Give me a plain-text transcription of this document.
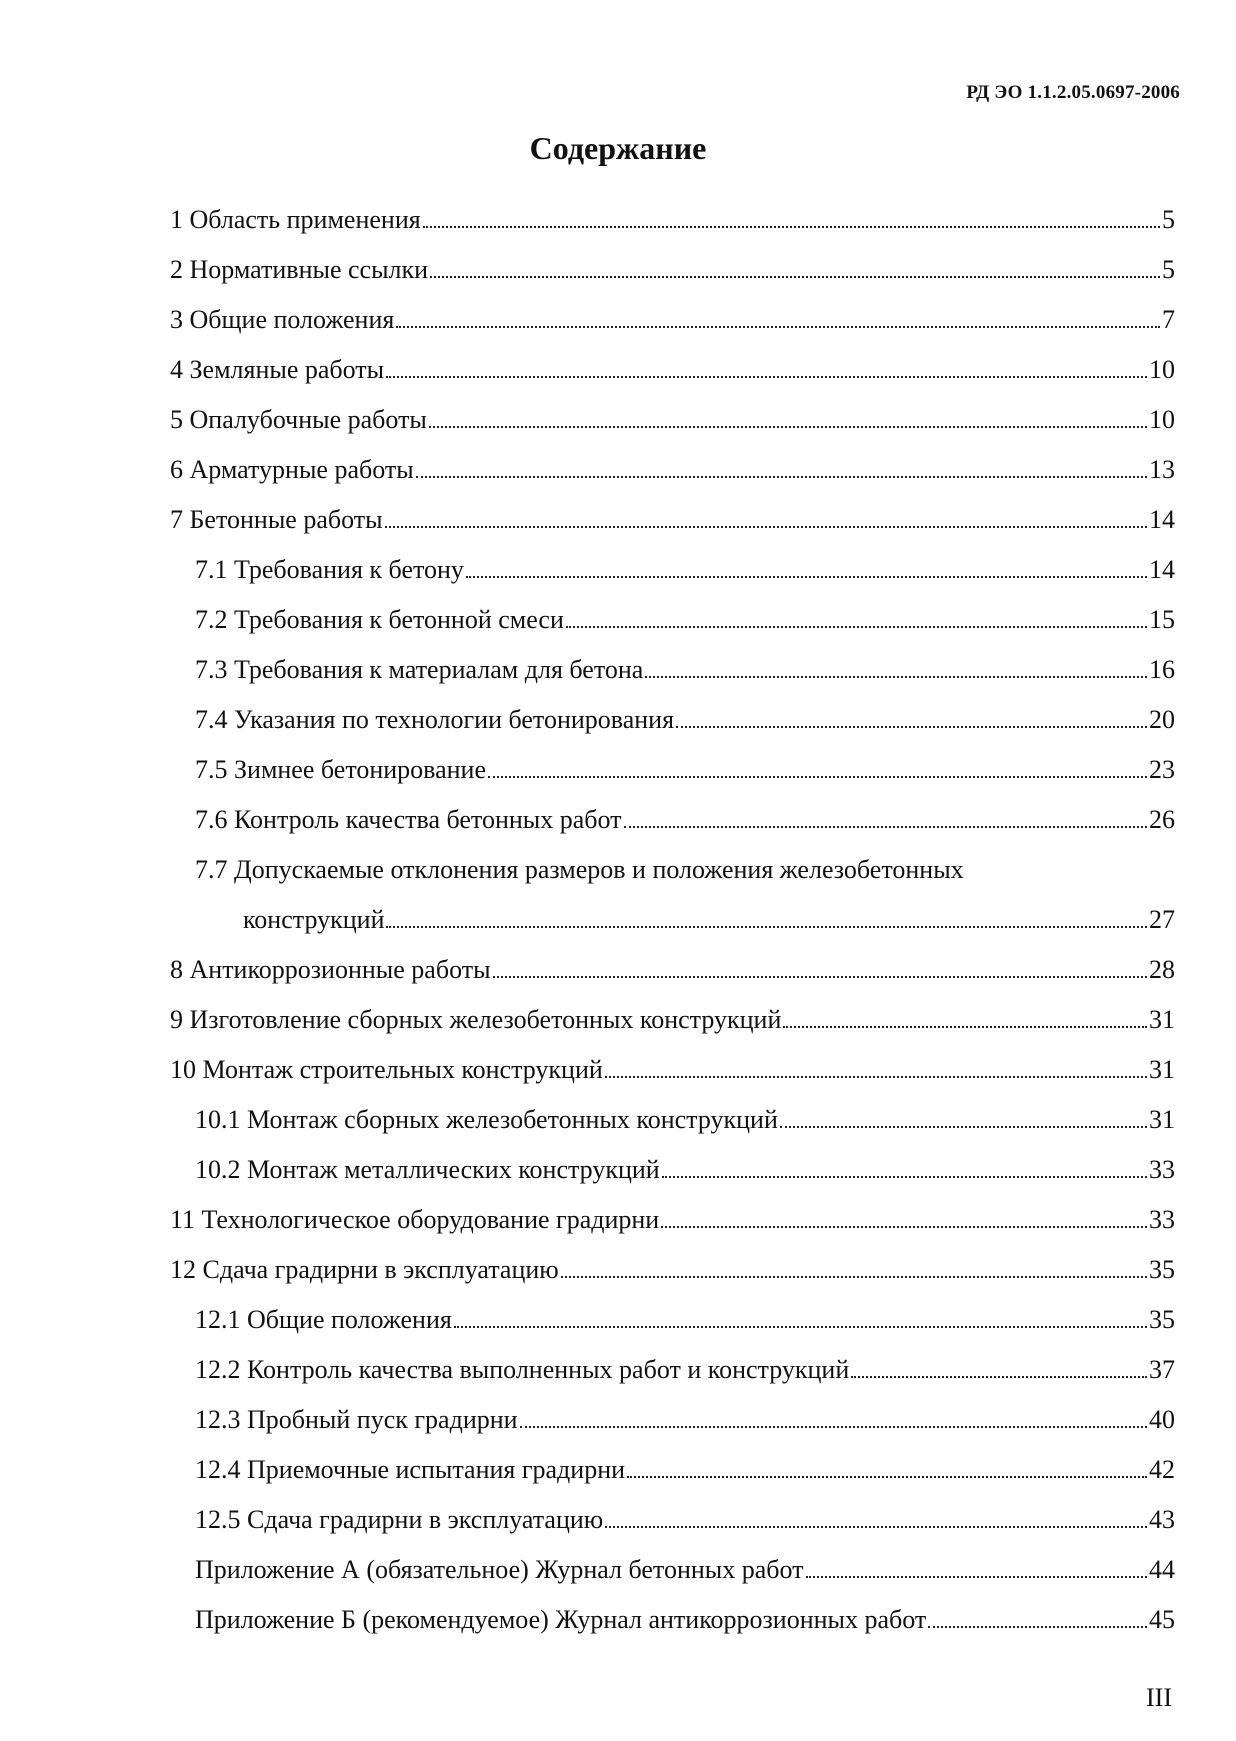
РД ЭО 1.1.2.05.0697-2006
Содержание
1 Область применения	5
2 Нормативные ссылки	5
3 Общие положения	7
4 Земляные работы	10
5 Опалубочные работы	10
6 Арматурные работы	13
7 Бетонные работы	14
7.1 Требования к бетону	14
7.2 Требования к бетонной смеси	15
7.3 Требования к материалам для бетона	16
7.4 Указания по технологии бетонирования	20
7.5 Зимнее бетонирование	23
7.6 Контроль качества бетонных работ	26
7.7 Допускаемые отклонения размеров и положения железобетонных
конструкций	27
8 Антикоррозионные работы	28
9 Изготовление сборных железобетонных конструкций	31
10 Монтаж строительных конструкций	31
10.1 Монтаж сборных железобетонных конструкций	31
10.2 Монтаж металлических конструкций	33
11 Технологическое оборудование градирни	33
12 Сдача градирни в эксплуатацию	35
12.1 Общие положения	35
12.2 Контроль качества выполненных работ и конструкций	37
12.3 Пробный пуск градирни	40
12.4 Приемочные испытания градирни	42
12.5 Сдача градирни в эксплуатацию	43
Приложение А (обязательное) Журнал бетонных работ	44
Приложение Б (рекомендуемое) Журнал антикоррозионных работ	45
III
